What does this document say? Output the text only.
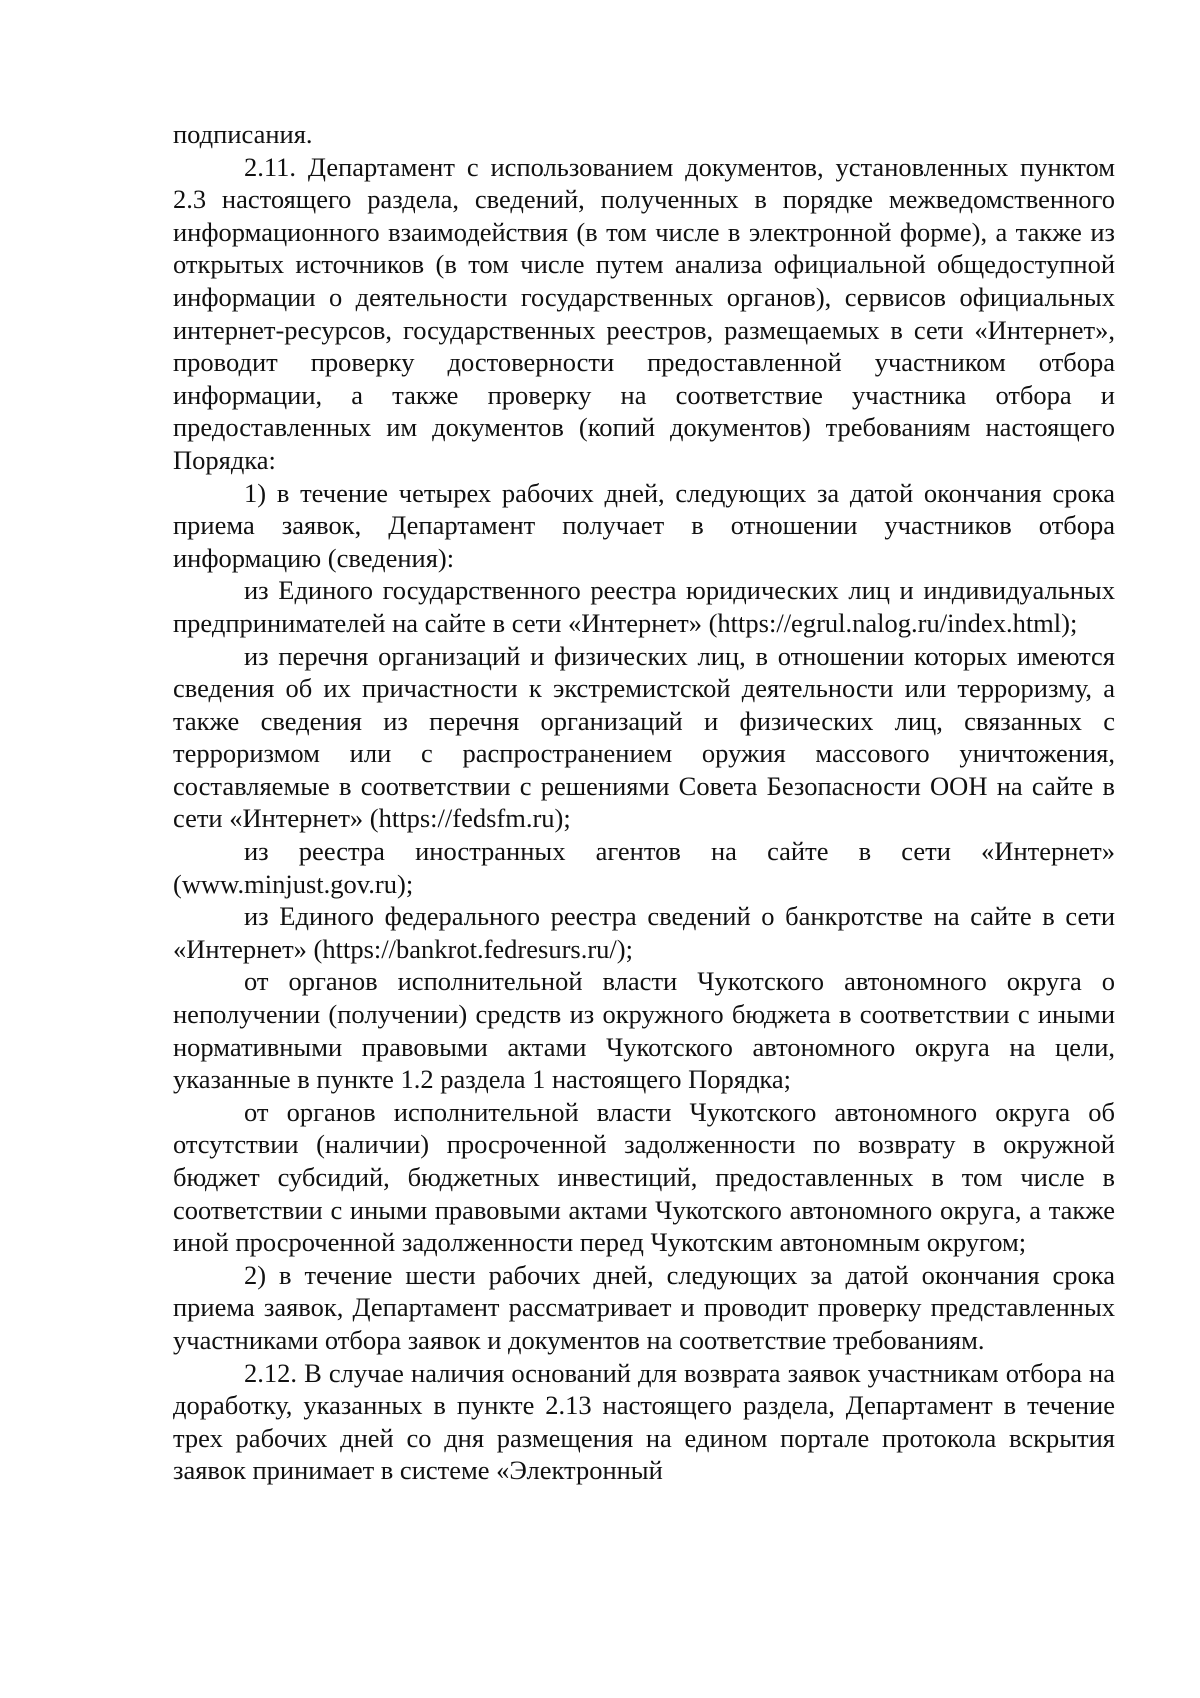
подписания.

2.11. Департамент с использованием документов, установленных пунктом 2.3 настоящего раздела, сведений, полученных в порядке межведомственного информационного взаимодействия (в том числе в электронной форме), а также из открытых источников (в том числе путем анализа официальной общедоступной информации о деятельности государственных органов), сервисов официальных интернет-ресурсов, государственных реестров, размещаемых в сети «Интернет», проводит проверку достоверности предоставленной участником отбора информации, а также проверку на соответствие участника отбора и предоставленных им документов (копий документов) требованиям настоящего Порядка:

1) в течение четырех рабочих дней, следующих за датой окончания срока приема заявок, Департамент получает в отношении участников отбора информацию (сведения):

из Единого государственного реестра юридических лиц и индивидуальных предпринимателей на сайте в сети «Интернет» (https://egrul.nalog.ru/index.html);

из перечня организаций и физических лиц, в отношении которых имеются сведения об их причастности к экстремистской деятельности или терроризму, а также сведения из перечня организаций и физических лиц, связанных с терроризмом или с распространением оружия массового уничтожения, составляемые в соответствии с решениями Совета Безопасности ООН на сайте в сети «Интернет» (https://fedsfm.ru);

из реестра иностранных агентов на сайте в сети «Интернет» (www.minjust.gov.ru);

из Единого федерального реестра сведений о банкротстве на сайте в сети «Интернет» (https://bankrot.fedresurs.ru/);

от органов исполнительной власти Чукотского автономного округа о неполучении (получении) средств из окружного бюджета в соответствии с иными нормативными правовыми актами Чукотского автономного округа на цели, указанные в пункте 1.2 раздела 1 настоящего Порядка;

от органов исполнительной власти Чукотского автономного округа об отсутствии (наличии) просроченной задолженности по возврату в окружной бюджет субсидий, бюджетных инвестиций, предоставленных в том числе в соответствии с иными правовыми актами Чукотского автономного округа, а также иной просроченной задолженности перед Чукотским автономным округом;

2) в течение шести рабочих дней, следующих за датой окончания срока приема заявок, Департамент рассматривает и проводит проверку представленных участниками отбора заявок и документов на соответствие требованиям.

2.12. В случае наличия оснований для возврата заявок участникам отбора на доработку, указанных в пункте 2.13 настоящего раздела, Департамент в течение трех рабочих дней со дня размещения на едином портале протокола вскрытия заявок принимает в системе «Электронный
